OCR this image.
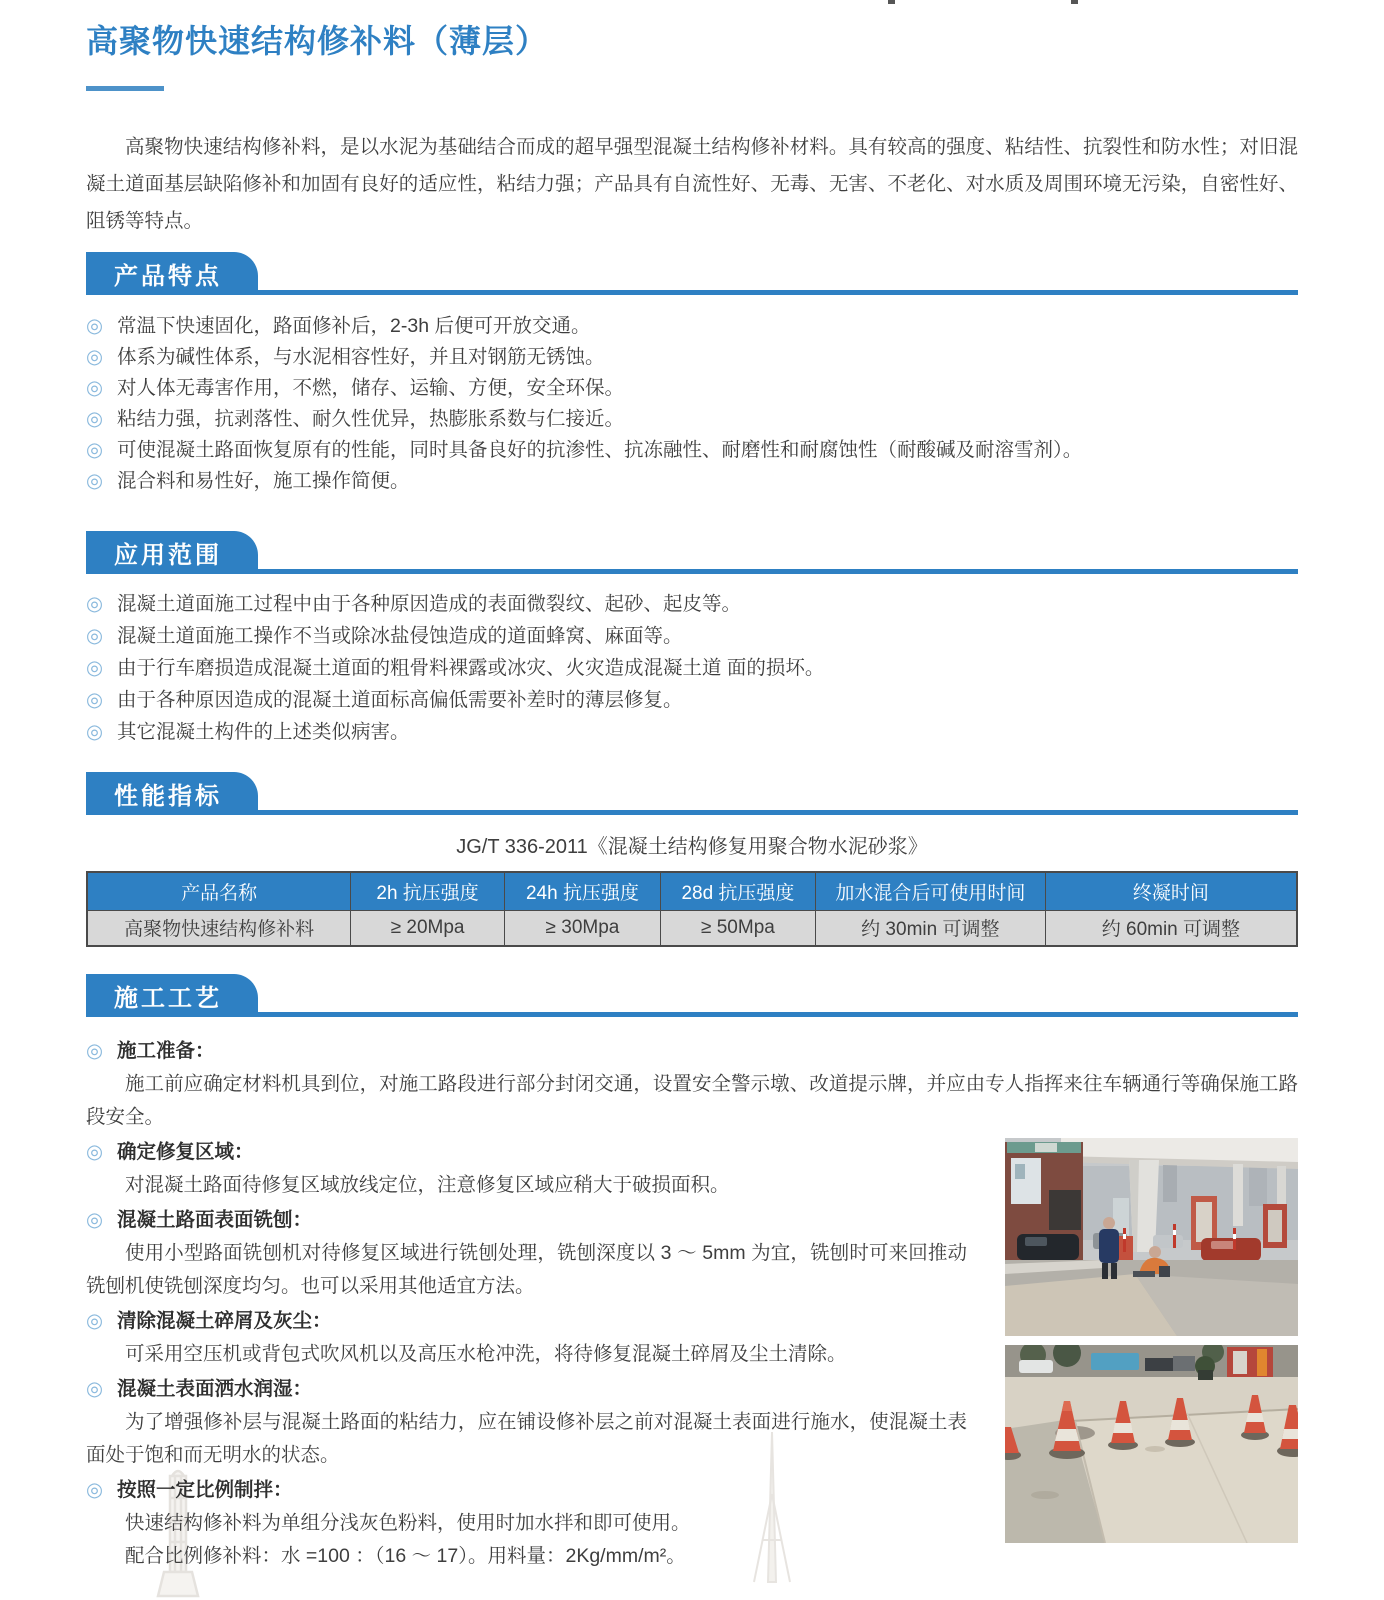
高聚物快速结构修补料（薄层）

高聚物快速结构修补料，是以水泥为基础结合而成的超早强型混凝土结构修补材料。具有较高的强度、粘结性、抗裂性和防水性；对旧混凝土道面基层缺陷修补和加固有良好的适应性，粘结力强；产品具有自流性好、无毒、无害、不老化、对水质及周围环境无污染，自密性好、阻锈等特点。

产品特点
◎ 常温下快速固化，路面修补后，2-3h 后便可开放交通。
◎ 体系为碱性体系，与水泥相容性好，并且对钢筋无锈蚀。
◎ 对人体无毒害作用，不燃，储存、运输、方便，安全环保。
◎ 粘结力强，抗剥落性、耐久性优异，热膨胀系数与仁接近。
◎ 可使混凝土路面恢复原有的性能，同时具备良好的抗渗性、抗冻融性、耐磨性和耐腐蚀性（耐酸碱及耐溶雪剂）。
◎ 混合料和易性好，施工操作简便。
应用范围
◎ 混凝土道面施工过程中由于各种原因造成的表面微裂纹、起砂、起皮等。
◎ 混凝土道面施工操作不当或除冰盐侵蚀造成的道面蜂窝、麻面等。
◎ 由于行车磨损造成混凝土道面的粗骨料裸露或冰灾、火灾造成混凝土道 面的损坏。
◎ 由于各种原因造成的混凝土道面标高偏低需要补差时的薄层修复。
◎ 其它混凝土构件的上述类似病害。
性能指标

JG/T 336-2011《混凝土结构修复用聚合物水泥砂浆》

产品名称	2h 抗压强度	24h 抗压强度	28d 抗压强度	加水混合后可使用时间	终凝时间
高聚物快速结构修补料	≥ 20Mpa	≥ 30Mpa	≥ 50Mpa	约 30min 可调整	约 60min 可调整
施工工艺

◎ 施工准备：

施工前应确定材料机具到位，对施工路段进行部分封闭交通，设置安全警示墩、改道提示牌，并应由专人指挥来往车辆通行等确保施工路段安全。

◎ 确定修复区域：

对混凝土路面待修复区域放线定位，注意修复区域应稍大于破损面积。

◎ 混凝土路面表面铣刨：

使用小型路面铣刨机对待修复区域进行铣刨处理，铣刨深度以 3 ～ 5mm 为宜，铣刨时可来回推动铣刨机使铣刨深度均匀。也可以采用其他适宜方法。

◎ 清除混凝土碎屑及灰尘：

可采用空压机或背包式吹风机以及高压水枪冲洗，将待修复混凝土碎屑及尘土清除。

◎ 混凝土表面洒水润湿：

为了增强修补层与混凝土路面的粘结力，应在铺设修补层之前对混凝土表面进行施水，使混凝土表面处于饱和而无明水的状态。

◎ 按照一定比例制拌：

快速结构修补料为单组分浅灰色粉料，使用时加水拌和即可使用。

配合比例修补料：水 =100 ：（16 ～ 17）。用料量：2Kg/mm/m²。
